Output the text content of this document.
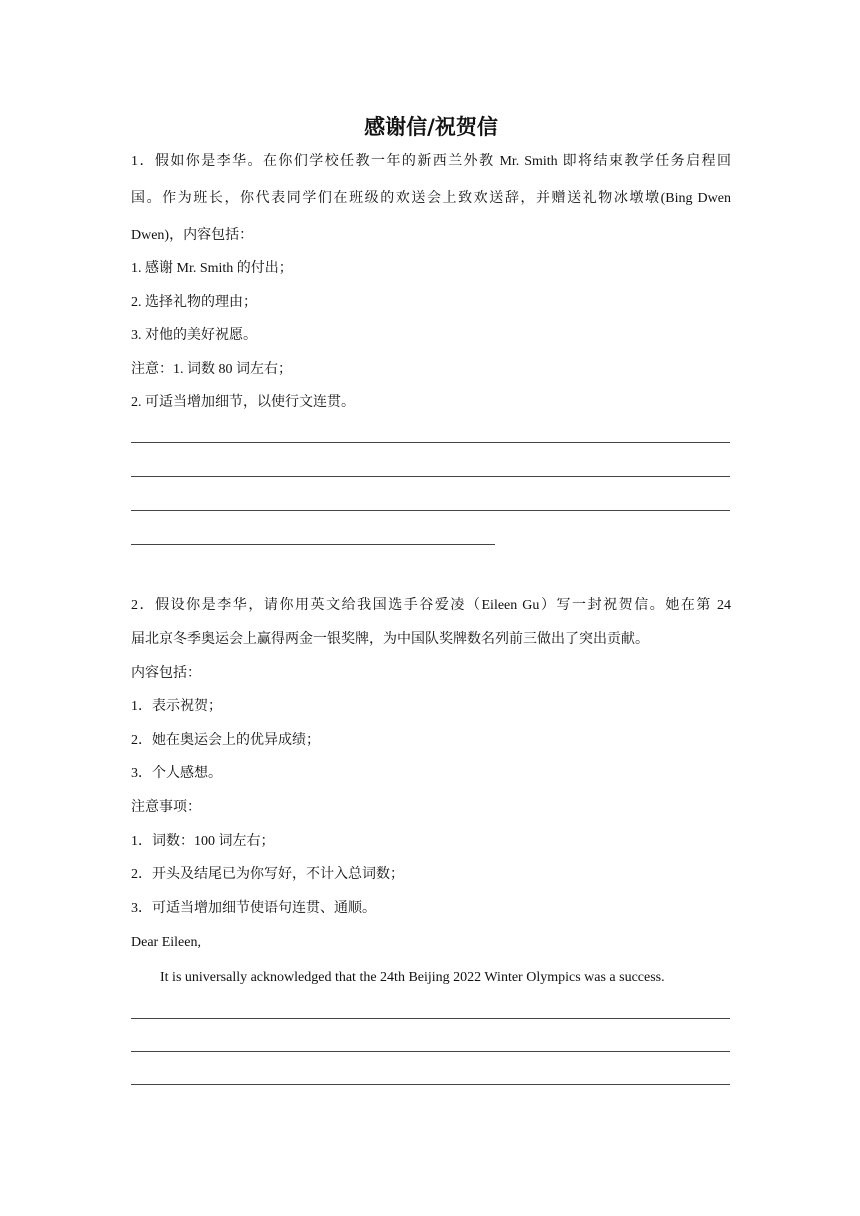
感谢信/祝贺信
1．假如你是李华。在你们学校任教一年的新西兰外教 Mr. Smith 即将结束教学任务启程回
国。作为班长，你代表同学们在班级的欢送会上致欢送辞，并赠送礼物冰墩墩(Bing Dwen
Dwen)，内容包括：
1. 感谢 Mr. Smith 的付出；
2. 选择礼物的理由；
3. 对他的美好祝愿。
注意：1. 词数 80 词左右；
2. 可适当增加细节，以使行文连贯。
2．假设你是李华，请你用英文给我国选手谷爱凌（Eileen Gu）写一封祝贺信。她在第 24
届北京冬季奥运会上赢得两金一银奖牌，为中国队奖牌数名列前三做出了突出贡献。
内容包括：
1．表示祝贺；
2．她在奥运会上的优异成绩；
3．个人感想。
注意事项：
1．词数：100 词左右；
2．开头及结尾已为你写好，不计入总词数；
3．可适当增加细节使语句连贯、通顺。
Dear Eileen,
It is universally acknowledged that the 24th Beijing 2022 Winter Olympics was a success.
